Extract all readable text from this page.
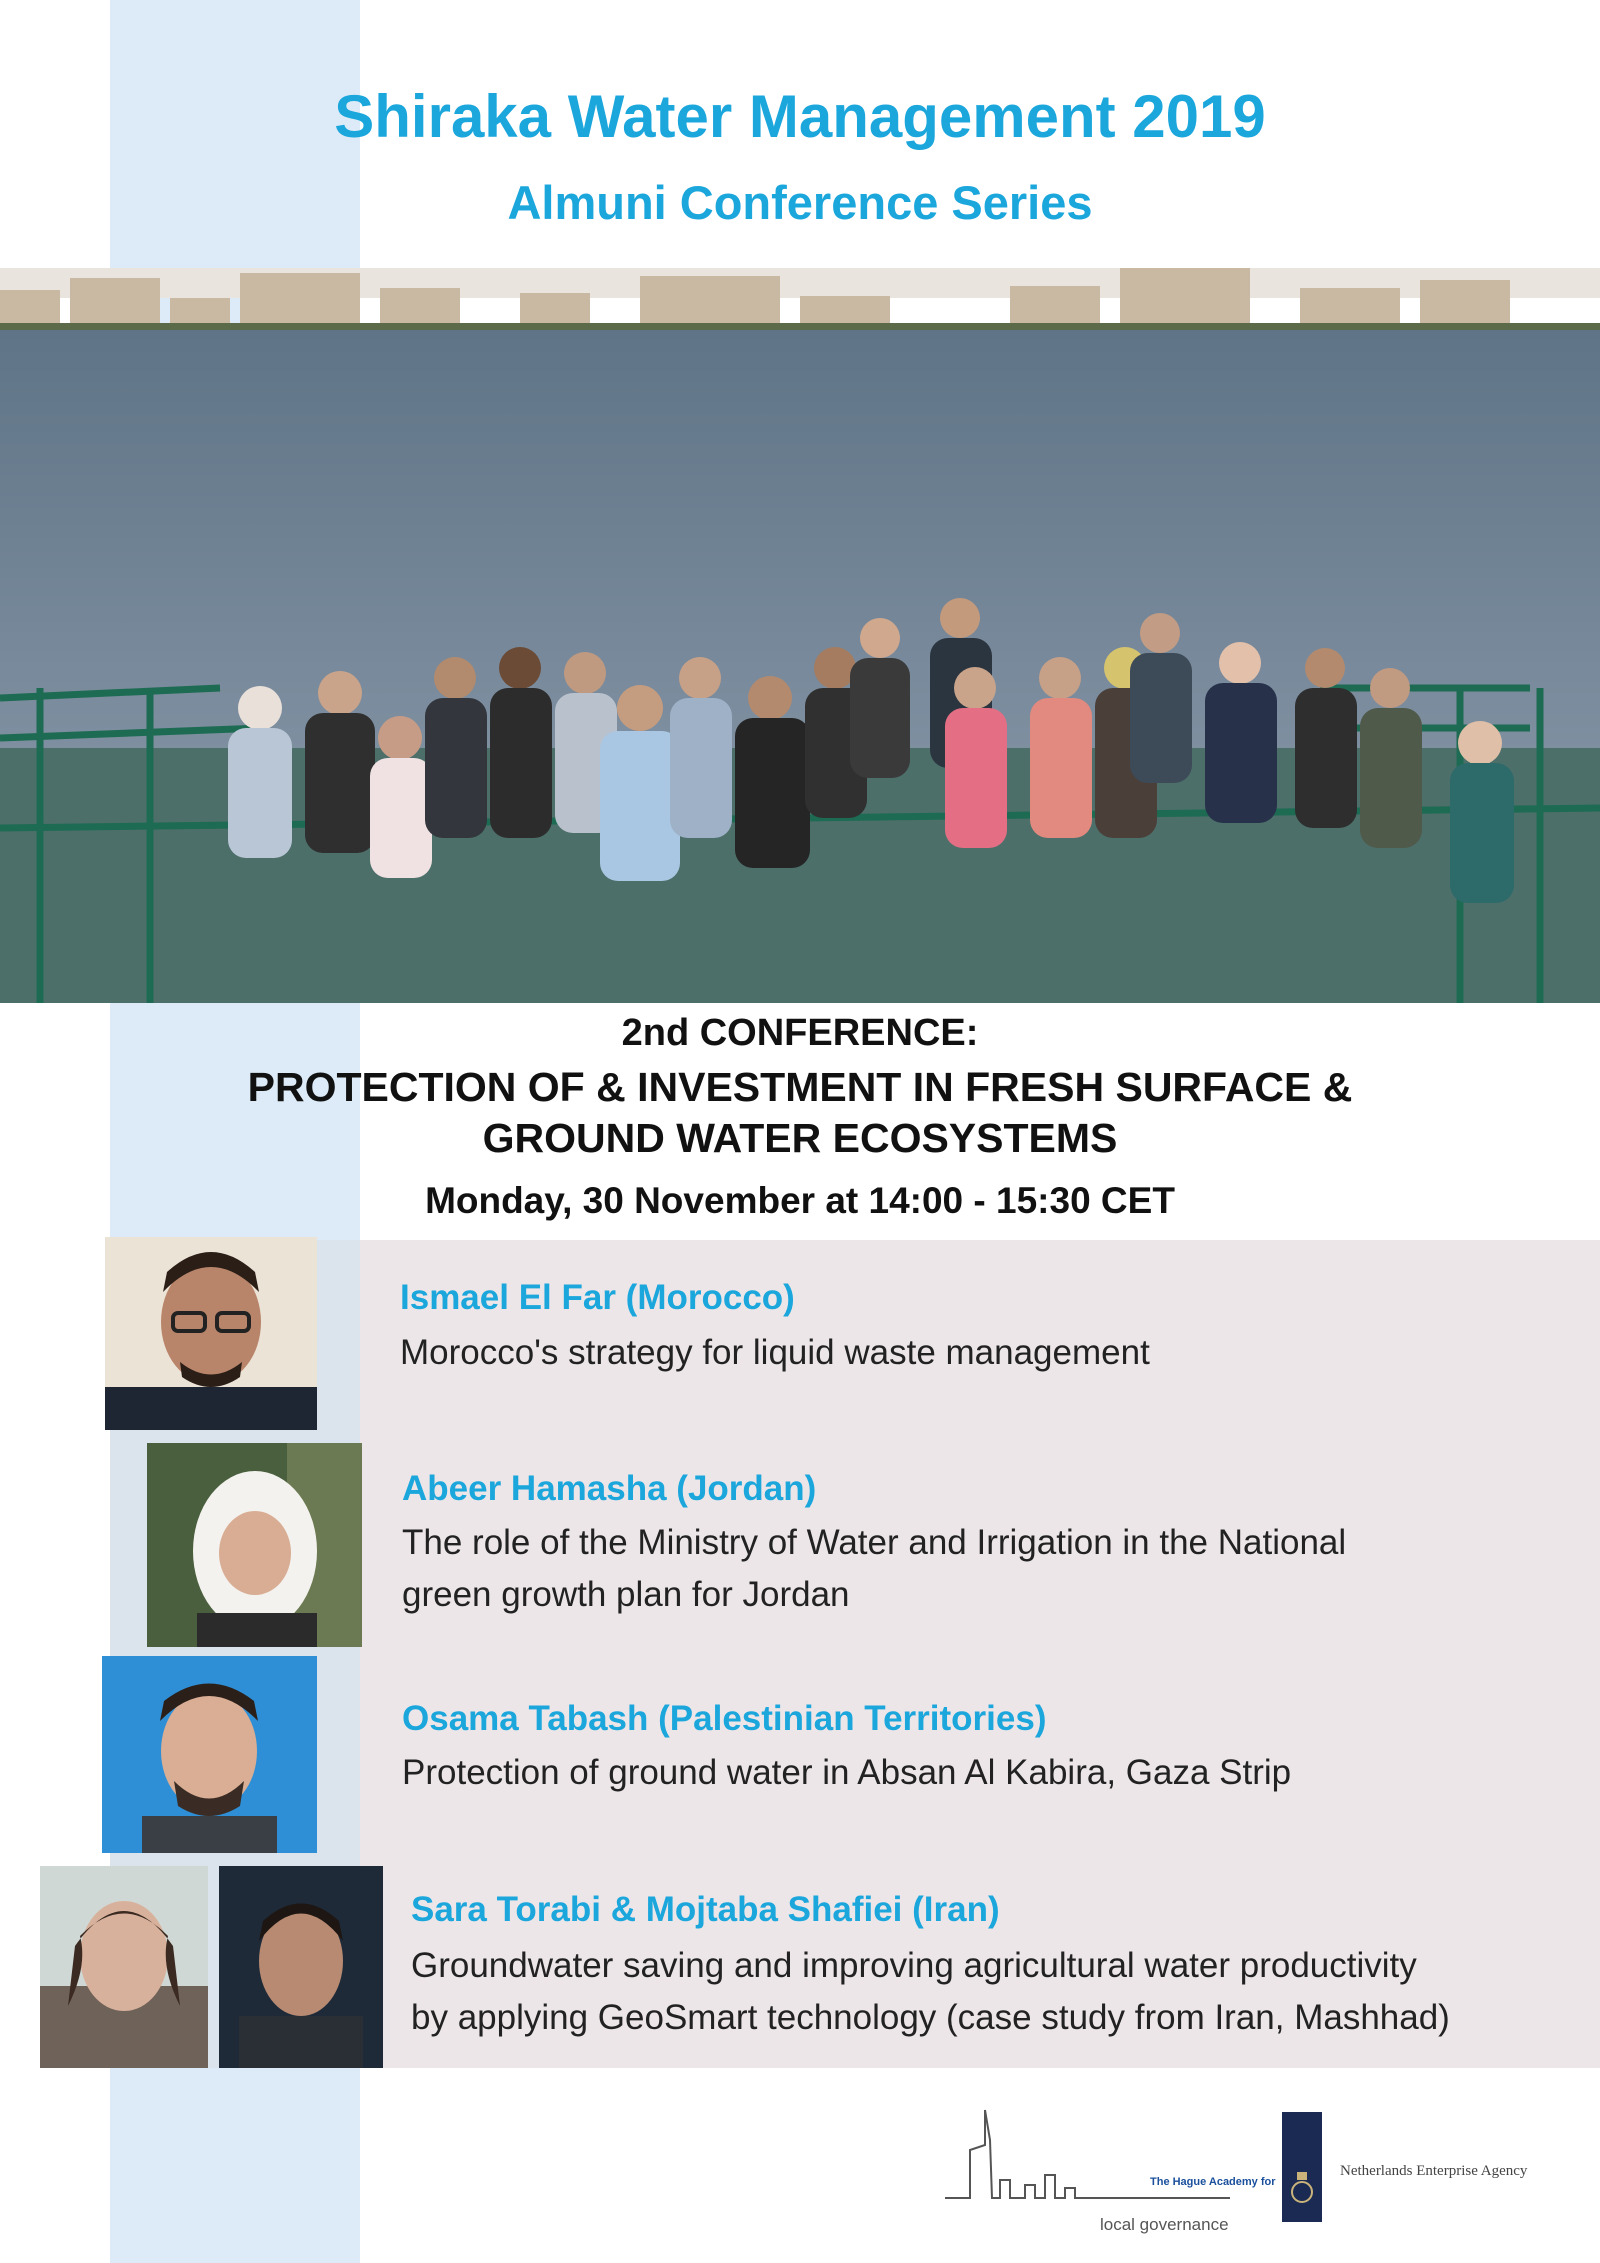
Shiraka Water Management 2019
Almuni Conference Series

2nd CONFERENCE:

PROTECTION OF & INVESTMENT IN FRESH SURFACE &
GROUND WATER ECOSYSTEMS

Monday, 30 November at 14:00 - 15:30 CET

Ismael El Far (Morocco)

Morocco's strategy for liquid waste management

Abeer Hamasha (Jordan)

The role of the Ministry of Water and Irrigation in the National
green growth plan for Jordan

Osama Tabash (Palestinian Territories)

Protection of ground water in Absan Al Kabira, Gaza Strip

Sara Torabi & Mojtaba Shafiei (Iran)

Groundwater saving and improving agricultural water productivity
by applying GeoSmart technology (case study from Iran, Mashhad)

The Hague Academy for

local governance

Netherlands Enterprise Agency
